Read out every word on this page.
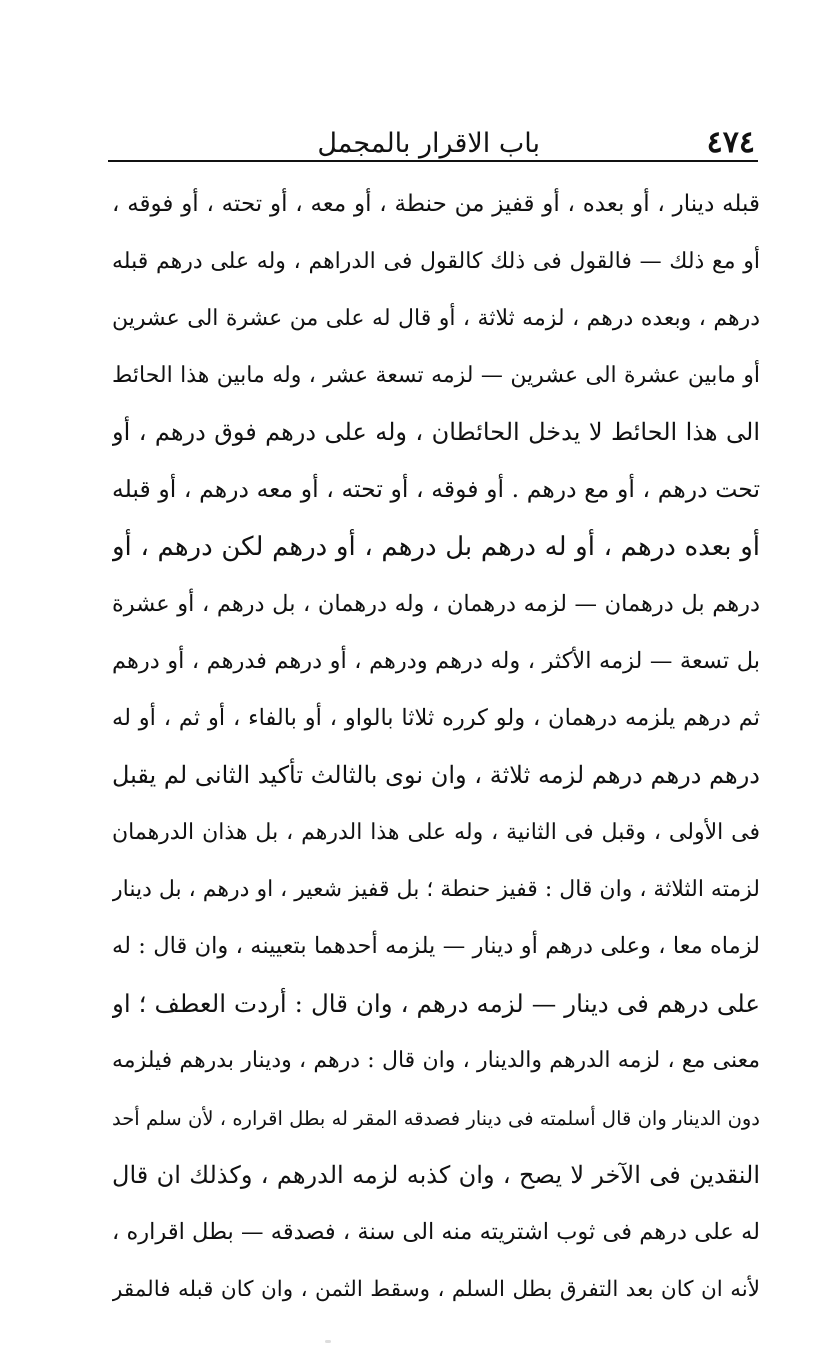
٤٧٤
باب الاقرار بالمجمل
قبله دينار ، أو بعده ، أو قفيز من حنطة ، أو معه ، أو تحته ، أو فوقه ،
أو مع ذلك — فالقول فى ذلك كالقول فى الدراهم ، وله على درهم قبله
درهم ، وبعده درهم ، لزمه ثلاثة ، أو قال له على من عشرة الى عشرين
أو مابين عشرة الى عشرين — لزمه تسعة عشر ، وله مابين هذا الحائط
الى هذا الحائط لا يدخل الحائطان ، وله على درهم فوق درهم ، أو
تحت درهم ، أو مع درهم . أو فوقه ، أو تحته ، أو معه درهم ، أو قبله
أو بعده درهم ، أو له درهم بل درهم ، أو درهم لكن درهم ، أو
درهم بل درهمان — لزمه درهمان ، وله درهمان ، بل درهم ، أو عشرة
بل تسعة — لزمه الأكثر ، وله درهم ودرهم ، أو درهم فدرهم ، أو درهم
ثم درهم يلزمه درهمان ، ولو كرره ثلاثا بالواو ، أو بالفاء ، أو ثم ، أو له
درهم درهم درهم لزمه ثلاثة ، وان نوى بالثالث تأكيد الثانى لم يقبل
فى الأولى ، وقبل فى الثانية ، وله على هذا الدرهم ، بل هذان الدرهمان
لزمته الثلاثة ، وان قال : قفيز حنطة ؛ بل قفيز شعير ، او درهم ، بل دينار
لزماه معا ، وعلى درهم أو دينار — يلزمه أحدهما بتعيينه ، وان قال : له
على درهم فى دينار — لزمه درهم ، وان قال : أردت العطف ؛ او
معنى مع ، لزمه الدرهم والدينار ، وان قال : درهم ، ودينار بدرهم فيلزمه
دون الدينار وان قال أسلمته فى دينار فصدقه المقر له بطل اقراره ، لأن سلم أحد
النقدين فى الآخر لا يصح ، وان كذبه لزمه الدرهم ، وكذلك ان قال
له على درهم فى ثوب اشتريته منه الى سنة ، فصدقه — بطل اقراره ،
لأنه ان كان بعد التفرق بطل السلم ، وسقط الثمن ، وان كان قبله فالمقر
